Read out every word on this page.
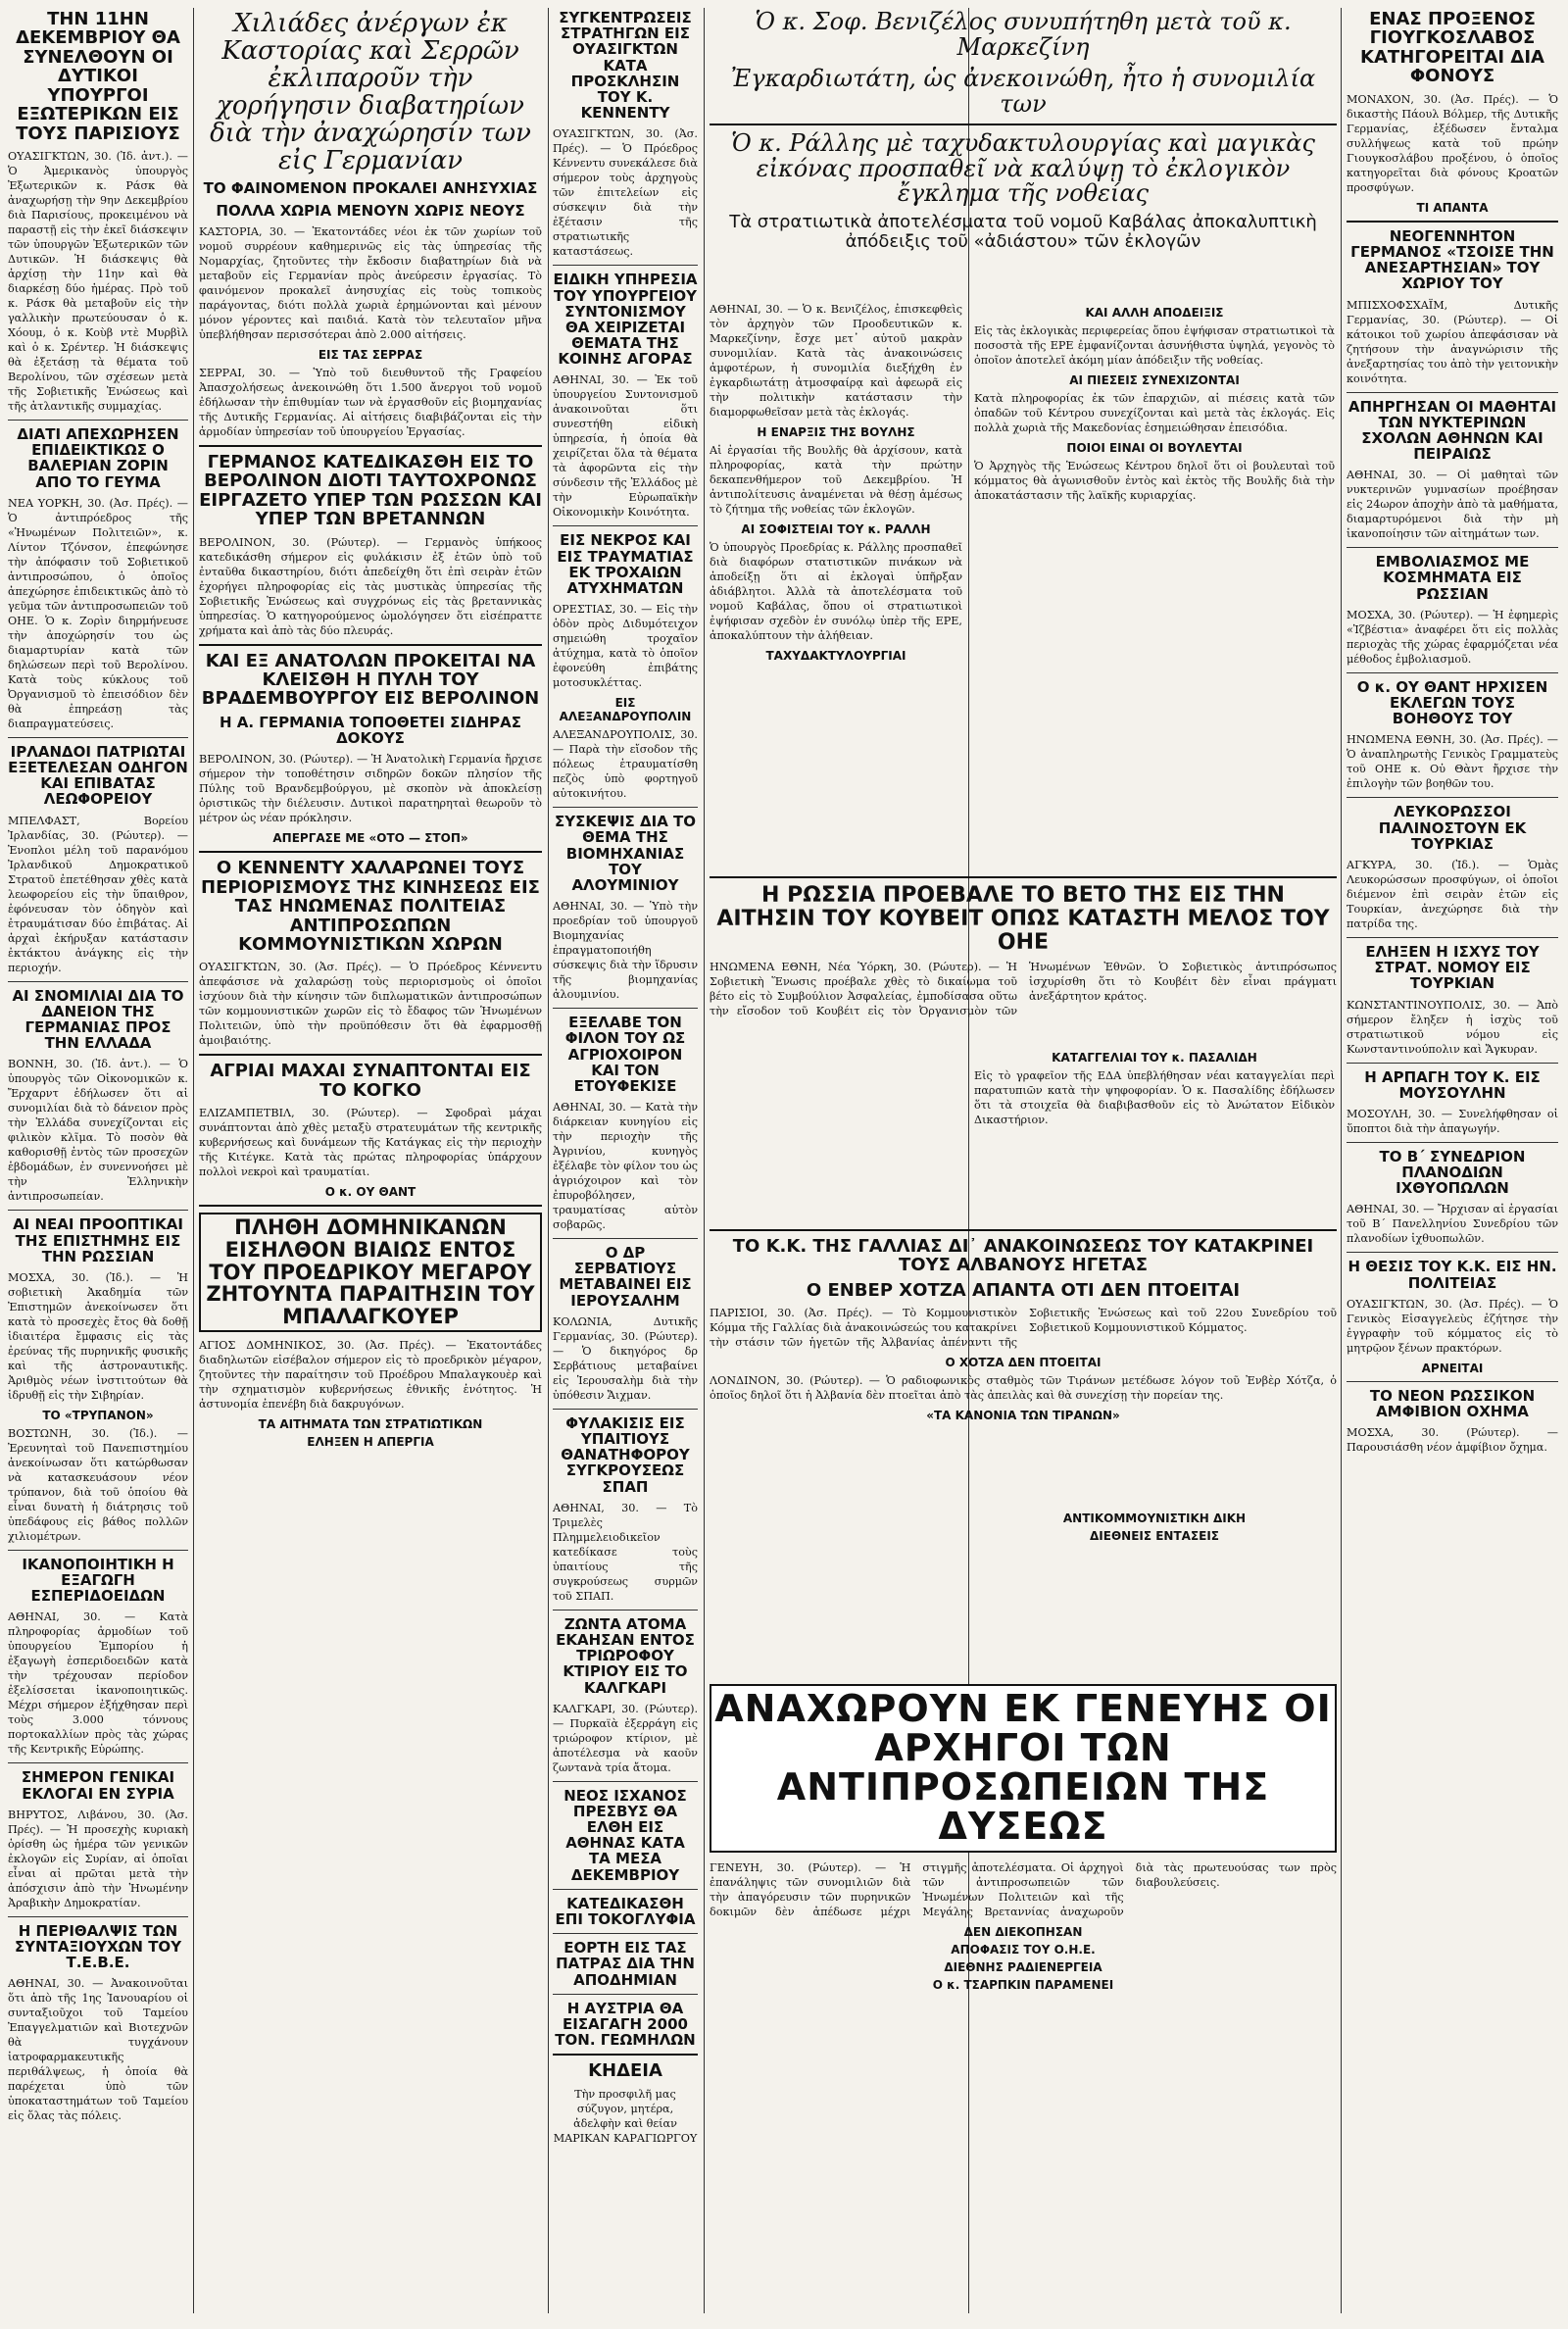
ΤΗΝ 11ΗΝ ΔΕΚΕΜΒΡΙΟΥ ΘΑ ΣΥΝΕΛΘΟΥΝ ΟΙ ΔΥΤΙΚΟΙ ΥΠΟΥΡΓΟΙ ΕΞΩΤΕΡΙΚΩΝ ΕΙΣ ΤΟΥΣ ΠΑΡΙΣΙΟΥΣ

ΟΥΑΣΙΓΚΤΩΝ, 30. (Ἰδ. ἀντ.). — Ὁ Ἀμερικανὸς ὑπουργὸς Ἐξωτερικῶν κ. Ράσκ θὰ ἀναχωρήσῃ τὴν 9ην Δεκεμβρίου διὰ Παρισίους, προκειμένου νὰ παραστῇ εἰς τὴν ἐκεῖ διάσκεψιν τῶν ὑπουργῶν Ἐξωτερικῶν τῶν Δυτικῶν. Ἡ διάσκεψις θὰ ἀρχίσῃ τὴν 11ην καὶ θὰ διαρκέσῃ δύο ἡμέρας. Πρὸ τοῦ κ. Ράσκ θὰ μεταβοῦν εἰς τὴν γαλλικὴν πρωτεύουσαν ὁ κ. Χόουμ, ὁ κ. Κοὺβ ντὲ Μυρβὶλ καὶ ὁ κ. Σρέντερ. Ἡ διάσκεψις θὰ ἐξετάσῃ τὰ θέματα τοῦ Βερολίνου, τῶν σχέσεων μετὰ τῆς Σοβιετικῆς Ἑνώσεως καὶ τῆς ἀτλαντικῆς συμμαχίας.

ΔΙΑΤΙ ΑΠΕΧΩΡΗΣΕΝ ΕΠΙΔΕΙΚΤΙΚΩΣ Ο ΒΑΛΕΡΙΑΝ ΖΟΡΙΝ ΑΠΟ ΤΟ ΓΕΥΜΑ

ΝΕΑ ΥΟΡΚΗ, 30. (Ἀσ. Πρές). — Ὁ ἀντιπρόεδρος τῆς «Ἡνωμένων Πολιτειῶν», κ. Λίντον Τζόνσον, ἐπεφώνησε τὴν ἀπόφασιν τοῦ Σοβιετικοῦ ἀντιπροσώπου, ὁ ὁποῖος ἀπεχώρησε ἐπιδεικτικῶς ἀπὸ τὸ γεῦμα τῶν ἀντιπροσωπειῶν τοῦ ΟΗΕ. Ὁ κ. Ζορὶν διηρμήνευσε τὴν ἀποχώρησίν του ὡς διαμαρτυρίαν κατὰ τῶν δηλώσεων περὶ τοῦ Βερολίνου. Κατὰ τοὺς κύκλους τοῦ Ὀργανισμοῦ τὸ ἐπεισόδιον δὲν θὰ ἐπηρεάσῃ τὰς διαπραγματεύσεις.

ΙΡΛΑΝΔΟΙ ΠΑΤΡΙΩΤΑΙ ΕΞΕΤΕΛΕΣΑΝ ΟΔΗΓΟΝ ΚΑΙ ΕΠΙΒΑΤΑΣ ΛΕΩΦΟΡΕΙΟΥ

ΜΠΕΛΦΑΣΤ, Βορείου Ἰρλανδίας, 30. (Ρώυτερ). — Ἐνοπλοι μέλη τοῦ παρανόμου Ἰρλανδικοῦ Δημοκρατικοῦ Στρατοῦ ἐπετέθησαν χθὲς κατὰ λεωφορείου εἰς τὴν ὕπαιθρον, ἐφόνευσαν τὸν ὁδηγὸν καὶ ἐτραυμάτισαν δύο ἐπιβάτας. Αἱ ἀρχαὶ ἐκήρυξαν κατάστασιν ἐκτάκτου ἀνάγκης εἰς τὴν περιοχήν.

ΑΙ ΣΝΟΜΙΛΙΑΙ ΔΙΑ ΤΟ ΔΑΝΕΙΟΝ ΤΗΣ ΓΕΡΜΑΝΙΑΣ ΠΡΟΣ ΤΗΝ ΕΛΛΑΔΑ

ΒΟΝΝΗ, 30. (Ἰδ. ἀντ.). — Ὁ ὑπουργὸς τῶν Οἰκονομικῶν κ. Ἔρχαρντ ἐδήλωσεν ὅτι αἱ συνομιλίαι διὰ τὸ δάνειον πρὸς τὴν Ἑλλάδα συνεχίζονται εἰς φιλικὸν κλῖμα. Τὸ ποσὸν θὰ καθορισθῇ ἐντὸς τῶν προσεχῶν ἑβδομάδων, ἐν συνεννοήσει μὲ τὴν Ἑλληνικὴν ἀντιπροσωπείαν.

ΑΙ ΝΕΑΙ ΠΡΟΟΠΤΙΚΑΙ ΤΗΣ ΕΠΙΣΤΗΜΗΣ ΕΙΣ ΤΗΝ ΡΩΣΣΙΑΝ

ΜΟΣΧΑ, 30. (Ἰδ.). — Ἡ σοβιετικὴ Ἀκαδημία τῶν Ἐπιστημῶν ἀνεκοίνωσεν ὅτι κατὰ τὸ προσεχὲς ἔτος θὰ δοθῇ ἰδιαιτέρα ἔμφασις εἰς τὰς ἐρεύνας τῆς πυρηνικῆς φυσικῆς καὶ τῆς ἀστροναυτικῆς. Ἀριθμὸς νέων ἰνστιτούτων θὰ ἱδρυθῇ εἰς τὴν Σιβηρίαν.

ΤΟ «ΤΡΥΠΑΝΟΝ»

ΒΟΣΤΩΝΗ, 30. (Ἰδ.). — Ἐρευνηταὶ τοῦ Πανεπιστημίου ἀνεκοίνωσαν ὅτι κατώρθωσαν νὰ κατασκευάσουν νέον τρύπανον, διὰ τοῦ ὁποίου θὰ εἶναι δυνατὴ ἡ διάτρησις τοῦ ὑπεδάφους εἰς βάθος πολλῶν χιλιομέτρων.

ΙΚΑΝΟΠΟΙΗΤΙΚΗ Η ΕΞΑΓΩΓΗ ΕΣΠΕΡΙΔΟΕΙΔΩΝ

ΑΘΗΝΑΙ, 30. — Κατὰ πληροφορίας ἀρμοδίων τοῦ ὑπουργείου Ἐμπορίου ἡ ἐξαγωγὴ ἐσπεριδοειδῶν κατὰ τὴν τρέχουσαν περίοδον ἐξελίσσεται ἱκανοποιητικῶς. Μέχρι σήμερον ἐξήχθησαν περὶ τοὺς 3.000 τόννους πορτοκαλλίων πρὸς τὰς χώρας τῆς Κεντρικῆς Εὐρώπης.

ΣΗΜΕΡΟΝ ΓΕΝΙΚΑΙ ΕΚΛΟΓΑΙ ΕΝ ΣΥΡΙΑ

ΒΗΡΥΤΟΣ, Λιβάνου, 30. (Ἀσ. Πρές). — Ἡ προσεχὴς κυριακὴ ὁρίσθη ὡς ἡμέρα τῶν γενικῶν ἐκλογῶν εἰς Συρίαν, αἱ ὁποῖαι εἶναι αἱ πρῶται μετὰ τὴν ἀπόσχισιν ἀπὸ τὴν Ἡνωμένην Ἀραβικὴν Δημοκρατίαν.

Η ΠΕΡΙΘΑΛΨΙΣ ΤΩΝ ΣΥΝΤΑΞΙΟΥΧΩΝ ΤΟΥ Τ.Ε.Β.Ε.

ΑΘΗΝΑΙ, 30. — Ἀνακοινοῦται ὅτι ἀπὸ τῆς 1ης Ἰανουαρίου οἱ συνταξιοῦχοι τοῦ Ταμείου Ἐπαγγελματιῶν καὶ Βιοτεχνῶν θὰ τυγχάνουν ἰατροφαρμακευτικῆς περιθάλψεως, ἡ ὁποία θὰ παρέχεται ὑπὸ τῶν ὑποκαταστημάτων τοῦ Ταμείου εἰς ὅλας τὰς πόλεις.

Χιλιάδες ἀνέργων ἐκ Καστορίας καὶ Σερρῶν ἐκλιπαροῦν τὴν χορήγησιν διαβατηρίων διὰ τὴν ἀναχώρησίν των εἰς Γερμανίαν
ΤΟ ΦΑΙΝΟΜΕΝΟΝ ΠΡΟΚΑΛΕΙ ΑΝΗΣΥΧΙΑΣ
ΠΟΛΛΑ ΧΩΡΙΑ ΜΕΝΟΥΝ ΧΩΡΙΣ ΝΕΟΥΣ

ΚΑΣΤΟΡΙΑ, 30. — Ἐκατοντάδες νέοι ἐκ τῶν χωρίων τοῦ νομοῦ συρρέουν καθημερινῶς εἰς τὰς ὑπηρεσίας τῆς Νομαρχίας, ζητοῦντες τὴν ἔκδοσιν διαβατηρίων διὰ νὰ μεταβοῦν εἰς Γερμανίαν πρὸς ἀνεύρεσιν ἐργασίας. Τὸ φαινόμενον προκαλεῖ ἀνησυχίας εἰς τοὺς τοπικοὺς παράγοντας, διότι πολλὰ χωριὰ ἐρημώνονται καὶ μένουν μόνον γέροντες καὶ παιδιά. Κατὰ τὸν τελευταῖον μῆνα ὑπεβλήθησαν περισσότεραι ἀπὸ 2.000 αἰτήσεις.

ΕΙΣ ΤΑΣ ΣΕΡΡΑΣ

ΣΕΡΡΑΙ, 30. — Ὑπὸ τοῦ διευθυντοῦ τῆς Γραφείου Ἀπασχολήσεως ἀνεκοινώθη ὅτι 1.500 ἄνεργοι τοῦ νομοῦ ἐδήλωσαν τὴν ἐπιθυμίαν των νὰ ἐργασθοῦν εἰς βιομηχανίας τῆς Δυτικῆς Γερμανίας. Αἱ αἰτήσεις διαβιβάζονται εἰς τὴν ἁρμοδίαν ὑπηρεσίαν τοῦ ὑπουργείου Ἐργασίας.

ΓΕΡΜΑΝΟΣ ΚΑΤΕΔΙΚΑΣΘΗ ΕΙΣ ΤΟ ΒΕΡΟΛΙΝΟΝ ΔΙΟΤΙ ΤΑΥΤΟΧΡΟΝΩΣ ΕΙΡΓΑΖΕΤΟ ΥΠΕΡ ΤΩΝ ΡΩΣΣΩΝ ΚΑΙ ΥΠΕΡ ΤΩΝ ΒΡΕΤΑΝΝΩΝ

ΒΕΡΟΛΙΝΟΝ, 30. (Ρώυτερ). — Γερμανὸς ὑπήκοος κατεδικάσθη σήμερον εἰς φυλάκισιν ἐξ ἐτῶν ὑπὸ τοῦ ἐνταῦθα δικαστηρίου, διότι ἀπεδείχθη ὅτι ἐπὶ σειρὰν ἐτῶν ἐχορήγει πληροφορίας εἰς τὰς μυστικὰς ὑπηρεσίας τῆς Σοβιετικῆς Ἑνώσεως καὶ συγχρόνως εἰς τὰς βρεταννικὰς ὑπηρεσίας. Ὁ κατηγορούμενος ὡμολόγησεν ὅτι εἰσέπραττε χρήματα καὶ ἀπὸ τὰς δύο πλευράς.

ΚΑΙ ΕΞ ΑΝΑΤΟΛΩΝ ΠΡΟΚΕΙΤΑΙ ΝΑ ΚΛΕΙΣΘΗ Η ΠΥΛΗ ΤΟΥ ΒΡΑΔΕΜΒΟΥΡΓΟΥ ΕΙΣ ΒΕΡΟΛΙΝΟΝ
Η Α. ΓΕΡΜΑΝΙΑ ΤΟΠΟΘΕΤΕΙ ΣΙΔΗΡΑΣ ΔΟΚΟΥΣ

ΒΕΡΟΛΙΝΟΝ, 30. (Ρώυτερ). — Ἡ Ἀνατολικὴ Γερμανία ἤρχισε σήμερον τὴν τοποθέτησιν σιδηρῶν δοκῶν πλησίον τῆς Πύλης τοῦ Βρανδεμβούργου, μὲ σκοπὸν νὰ ἀποκλείσῃ ὁριστικῶς τὴν διέλευσιν. Δυτικοὶ παρατηρηταὶ θεωροῦν τὸ μέτρον ὡς νέαν πρόκλησιν.

ΑΠΕΡΓΑΣΕ ΜΕ «ΟΤΟ — ΣΤΟΠ»
Ο ΚΕΝΝΕΝΤΥ ΧΑΛΑΡΩΝΕΙ ΤΟΥΣ ΠΕΡΙΟΡΙΣΜΟΥΣ ΤΗΣ ΚΙΝΗΣΕΩΣ ΕΙΣ ΤΑΣ ΗΝΩΜΕΝΑΣ ΠΟΛΙΤΕΙΑΣ ΑΝΤΙΠΡΟΣΩΠΩΝ ΚΟΜΜΟΥΝΙΣΤΙΚΩΝ ΧΩΡΩΝ

ΟΥΑΣΙΓΚΤΩΝ, 30. (Ἀσ. Πρές). — Ὁ Πρόεδρος Κέννεντυ ἀπεφάσισε νὰ χαλαρώσῃ τοὺς περιορισμοὺς οἱ ὁποῖοι ἰσχύουν διὰ τὴν κίνησιν τῶν διπλωματικῶν ἀντιπροσώπων τῶν κομμουνιστικῶν χωρῶν εἰς τὸ ἔδαφος τῶν Ἡνωμένων Πολιτειῶν, ὑπὸ τὴν προϋπόθεσιν ὅτι θὰ ἐφαρμοσθῇ ἀμοιβαιότης.

ΑΓΡΙΑΙ ΜΑΧΑΙ ΣΥΝΑΠΤΟΝΤΑΙ ΕΙΣ ΤΟ ΚΟΓΚΟ

ΕΛΙΖΑΜΠΕΤΒΙΛ, 30. (Ρώυτερ). — Σφοδραὶ μάχαι συνάπτονται ἀπὸ χθὲς μεταξὺ στρατευμάτων τῆς κεντρικῆς κυβερνήσεως καὶ δυνάμεων τῆς Κατάγκας εἰς τὴν περιοχὴν τῆς Κιτέγκε. Κατὰ τὰς πρώτας πληροφορίας ὑπάρχουν πολλοὶ νεκροὶ καὶ τραυματίαι.

Ο κ. ΟΥ ΘΑΝΤ
ΠΛΗΘΗ ΔΟΜΗΝΙΚΑΝΩΝ ΕΙΣΗΛΘΟΝ ΒΙΑΙΩΣ ΕΝΤΟΣ ΤΟΥ ΠΡΟΕΔΡΙΚΟΥ ΜΕΓΑΡΟΥ ΖΗΤΟΥΝΤΑ ΠΑΡΑΙΤΗΣΙΝ ΤΟΥ ΜΠΑΛΑΓΚΟΥΕΡ

ΑΓΙΟΣ ΔΟΜΗΝΙΚΟΣ, 30. (Ἀσ. Πρές). — Ἐκατοντάδες διαδηλωτῶν εἰσέβαλον σήμερον εἰς τὸ προεδρικὸν μέγαρον, ζητοῦντες τὴν παραίτησιν τοῦ Προέδρου Μπαλαγκουὲρ καὶ τὴν σχηματισμὸν κυβερνήσεως ἐθνικῆς ἑνότητος. Ἡ ἀστυνομία ἐπενέβη διὰ δακρυγόνων.

ΤΑ ΑΙΤΗΜΑΤΑ ΤΩΝ ΣΤΡΑΤΙΩΤΙΚΩΝ
ΕΛΗΞΕΝ Η ΑΠΕΡΓΙΑ
ΣΥΓΚΕΝΤΡΩΣΕΙΣ ΣΤΡΑΤΗΓΩΝ ΕΙΣ ΟΥΑΣΙΓΚΤΩΝ ΚΑΤΑ ΠΡΟΣΚΛΗΣΙΝ ΤΟΥ Κ. ΚΕΝΝΕΝΤΥ

ΟΥΑΣΙΓΚΤΩΝ, 30. (Ἀσ. Πρές). — Ὁ Πρόεδρος Κέννεντυ συνεκάλεσε διὰ σήμερον τοὺς ἀρχηγοὺς τῶν ἐπιτελείων εἰς σύσκεψιν διὰ τὴν ἐξέτασιν τῆς στρατιωτικῆς καταστάσεως.

ΕΙΔΙΚΗ ΥΠΗΡΕΣΙΑ ΤΟΥ ΥΠΟΥΡΓΕΙΟΥ ΣΥΝΤΟΝΙΣΜΟΥ ΘΑ ΧΕΙΡΙΖΕΤΑΙ ΘΕΜΑΤΑ ΤΗΣ ΚΟΙΝΗΣ ΑΓΟΡΑΣ

ΑΘΗΝΑΙ, 30. — Ἐκ τοῦ ὑπουργείου Συντονισμοῦ ἀνακοινοῦται ὅτι συνεστήθη εἰδικὴ ὑπηρεσία, ἡ ὁποία θὰ χειρίζεται ὅλα τὰ θέματα τὰ ἀφορῶντα εἰς τὴν σύνδεσιν τῆς Ἑλλάδος μὲ τὴν Εὐρωπαϊκὴν Οἰκονομικὴν Κοινότητα.

ΕΙΣ ΝΕΚΡΟΣ ΚΑΙ ΕΙΣ ΤΡΑΥΜΑΤΙΑΣ ΕΚ ΤΡΟΧΑΙΩΝ ΑΤΥΧΗΜΑΤΩΝ

ΟΡΕΣΤΙΑΣ, 30. — Εἰς τὴν ὁδὸν πρὸς Διδυμότειχον σημειώθη τροχαῖον ἀτύχημα, κατὰ τὸ ὁποῖον ἐφονεύθη ἐπιβάτης μοτοσυκλέττας.

ΕΙΣ ΑΛΕΞΑΝΔΡΟΥΠΟΛΙΝ

ΑΛΕΞΑΝΔΡΟΥΠΟΛΙΣ, 30. — Παρὰ τὴν εἴσοδον τῆς πόλεως ἐτραυματίσθη πεζὸς ὑπὸ φορτηγοῦ αὐτοκινήτου.

ΣΥΣΚΕΨΙΣ ΔΙΑ ΤΟ ΘΕΜΑ ΤΗΣ ΒΙΟΜΗΧΑΝΙΑΣ ΤΟΥ ΑΛΟΥΜΙΝΙΟΥ

ΑΘΗΝΑΙ, 30. — Ὑπὸ τὴν προεδρίαν τοῦ ὑπουργοῦ Βιομηχανίας ἐπραγματοποιήθη σύσκεψις διὰ τὴν ἵδρυσιν τῆς βιομηχανίας ἀλουμινίου.

ΕΞΕΛΑΒΕ ΤΟΝ ΦΙΛΟΝ ΤΟΥ ΩΣ ΑΓΡΙΟΧΟΙΡΟΝ ΚΑΙ ΤΟΝ ΕΤΟΥΦΕΚΙΣΕ

ΑΘΗΝΑΙ, 30. — Κατὰ τὴν διάρκειαν κυνηγίου εἰς τὴν περιοχὴν τῆς Ἀγρινίου, κυνηγὸς ἐξέλαβε τὸν φίλον του ὡς ἀγριόχοιρον καὶ τὸν ἐπυροβόλησεν, τραυματίσας αὐτὸν σοβαρῶς.

Ο ΔΡ ΣΕΡΒΑΤΙΟΥΣ ΜΕΤΑΒΑΙΝΕΙ ΕΙΣ ΙΕΡΟΥΣΑΛΗΜ

ΚΟΛΩΝΙΑ, Δυτικῆς Γερμανίας, 30. (Ρώυτερ). — Ὁ δικηγόρος δρ Σερβάτιους μεταβαίνει εἰς Ἱερουσαλὴμ διὰ τὴν ὑπόθεσιν Ἄιχμαν.

ΦΥΛΑΚΙΣΙΣ ΕΙΣ ΥΠΑΙΤΙΟΥΣ ΘΑΝΑΤΗΦΟΡΟΥ ΣΥΓΚΡΟΥΣΕΩΣ ΣΠΑΠ

ΑΘΗΝΑΙ, 30. — Τὸ Τριμελὲς Πλημμελειοδικεῖον κατεδίκασε τοὺς ὑπαιτίους τῆς συγκρούσεως συρμῶν τοῦ ΣΠΑΠ.

ΖΩΝΤΑ ΑΤΟΜΑ ΕΚΑΗΣΑΝ ΕΝΤΟΣ ΤΡΙΩΡΟΦΟΥ ΚΤΙΡΙΟΥ ΕΙΣ ΤΟ ΚΑΛΓΚΑΡΙ

ΚΑΛΓΚΑΡΙ, 30. (Ρώυτερ). — Πυρκαϊὰ ἐξερράγη εἰς τριώροφον κτίριον, μὲ ἀποτέλεσμα νὰ καοῦν ζωντανὰ τρία ἄτομα.

ΝΕΟΣ ΙΣΧΑΝΟΣ ΠΡΕΣΒΥΣ ΘΑ ΕΛΘΗ ΕΙΣ ΑΘΗΝΑΣ ΚΑΤΑ ΤΑ ΜΕΣΑ ΔΕΚΕΜΒΡΙΟΥ
ΚΑΤΕΔΙΚΑΣΘΗ ΕΠΙ ΤΟΚΟΓΛΥΦΙΑ
ΕΟΡΤΗ ΕΙΣ ΤΑΣ ΠΑΤΡΑΣ ΔΙΑ ΤΗΝ ΑΠΟΔΗΜΙΑΝ
Η ΑΥΣΤΡΙΑ ΘΑ ΕΙΣΑΓΑΓΗ 2000 ΤΟΝ. ΓΕΩΜΗΛΩΝ
ΚΗΔΕΙΑ

Τὴν προσφιλῆ μας σύζυγον, μητέρα, ἀδελφὴν καὶ θείαν ΜΑΡΙΚΑΝ ΚΑΡΑΓΙΩΡΓΟΥ

Ὁ κ. Σοφ. Βενιζέλος συνυπήτηθη μετὰ τοῦ κ. Μαρκεζίνη
Ἐγκαρδιωτάτη, ὡς ἀνεκοινώθη, ἦτο ἡ συνομιλία των
Ὁ κ. Ράλλης μὲ ταχυδακτυλουργίας καὶ μαγικὰς εἰκόνας προσπαθεῖ νὰ καλύψῃ τὸ ἐκλογικὸν ἔγκλημα τῆς νοθείας
Τὰ στρατιωτικὰ ἀποτελέσματα τοῦ νομοῦ Καβάλας ἀποκαλυπτικὴ ἀπόδειξις τοῦ «ἀδιάστου» τῶν ἐκλογῶν

ΑΘΗΝΑΙ, 30. — Ὁ κ. Βενιζέλος, ἐπισκεφθεὶς τὸν ἀρχηγὸν τῶν Προοδευτικῶν κ. Μαρκεζίνην, ἔσχε μετ᾽ αὐτοῦ μακρὰν συνομιλίαν. Κατὰ τὰς ἀνακοινώσεις ἀμφοτέρων, ἡ συνομιλία διεξήχθη ἐν ἐγκαρδιωτάτῃ ἀτμοσφαίρᾳ καὶ ἀφεωρᾶ εἰς τὴν πολιτικὴν κατάστασιν τὴν διαμορφωθεῖσαν μετὰ τὰς ἐκλογάς.

Η ΕΝΑΡΞΙΣ ΤΗΣ ΒΟΥΛΗΣ

Αἱ ἐργασίαι τῆς Βουλῆς θὰ ἀρχίσουν, κατὰ πληροφορίας, κατὰ τὴν πρώτην δεκαπενθήμερον τοῦ Δεκεμβρίου. Ἡ ἀντιπολίτευσις ἀναμένεται νὰ θέσῃ ἀμέσως τὸ ζήτημα τῆς νοθείας τῶν ἐκλογῶν.

ΑΙ ΣΟΦΙΣΤΕΙΑΙ ΤΟΥ κ. ΡΑΛΛΗ

Ὁ ὑπουργὸς Προεδρίας κ. Ράλλης προσπαθεῖ διὰ διαφόρων στατιστικῶν πινάκων νὰ ἀποδείξῃ ὅτι αἱ ἐκλογαὶ ὑπῆρξαν ἀδιάβλητοι. Ἀλλὰ τὰ ἀποτελέσματα τοῦ νομοῦ Καβάλας, ὅπου οἱ στρατιωτικοὶ ἐψήφισαν σχεδὸν ἐν συνόλῳ ὑπὲρ τῆς ΕΡΕ, ἀποκαλύπτουν τὴν ἀλήθειαν.

ΤΑΧΥΔΑΚΤΥΛΟΥΡΓΙΑΙ
Η ΡΩΣΣΙΑ ΠΡΟΕΒΑΛΕ ΤΟ ΒΕΤΟ ΤΗΣ ΕΙΣ ΤΗΝ ΑΙΤΗΣΙΝ ΤΟΥ ΚΟΥΒΕΙΤ ΟΠΩΣ ΚΑΤΑΣΤΗ ΜΕΛΟΣ ΤΟΥ ΟΗΕ

ΗΝΩΜΕΝΑ ΕΘΝΗ, Νέα Ὑόρκη, 30. (Ρώυτερ). — Ἡ Σοβιετικὴ Ἕνωσις προέβαλε χθὲς τὸ δικαίωμα τοῦ βέτο εἰς τὸ Συμβούλιον Ἀσφαλείας, ἐμποδίσασα οὕτω τὴν εἴσοδον τοῦ Κουβέιτ εἰς τὸν Ὀργανισμὸν τῶν Ἡνωμένων Ἐθνῶν. Ὁ Σοβιετικὸς ἀντιπρόσωπος ἰσχυρίσθη ὅτι τὸ Κουβέιτ δὲν εἶναι πράγματι ἀνεξάρτητον κράτος.

ΤΟ Κ.Κ. ΤΗΣ ΓΑΛΛΙΑΣ ΔΙ᾽ ΑΝΑΚΟΙΝΩΣΕΩΣ ΤΟΥ ΚΑΤΑΚΡΙΝΕΙ ΤΟΥΣ ΑΛΒΑΝΟΥΣ ΗΓΕΤΑΣ
Ο ΕΝΒΕΡ ΧΟΤΖΑ ΑΠΑΝΤΑ ΟΤΙ ΔΕΝ ΠΤΟΕΙΤΑΙ

ΠΑΡΙΣΙΟΙ, 30. (Ἀσ. Πρές). — Τὸ Κομμουνιστικὸν Κόμμα τῆς Γαλλίας διὰ ἀνακοινώσεώς του κατακρίνει τὴν στάσιν τῶν ἡγετῶν τῆς Ἀλβανίας ἀπέναντι τῆς Σοβιετικῆς Ἑνώσεως καὶ τοῦ 22ου Συνεδρίου τοῦ Σοβιετικοῦ Κομμουνιστικοῦ Κόμματος.

Ο ΧΟΤΖΑ ΔΕΝ ΠΤΟΕΙΤΑΙ

ΛΟΝΔΙΝΟΝ, 30. (Ρώυτερ). — Ὁ ραδιοφωνικὸς σταθμὸς τῶν Τιράνων μετέδωσε λόγον τοῦ Ἐνβὲρ Χότζα, ὁ ὁποῖος δηλοῖ ὅτι ἡ Ἀλβανία δὲν πτοεῖται ἀπὸ τὰς ἀπειλὰς καὶ θὰ συνεχίσῃ τὴν πορείαν της.

«ΤΑ ΚΑΝΟΝΙΑ ΤΩΝ ΤΙΡΑΝΩΝ»
ΚΑΙ ΑΛΛΗ ΑΠΟΔΕΙΞΙΣ

Εἰς τὰς ἐκλογικὰς περιφερείας ὅπου ἐψήφισαν στρατιωτικοὶ τὰ ποσοστὰ τῆς ΕΡΕ ἐμφανίζονται ἀσυνήθιστα ὑψηλά, γεγονὸς τὸ ὁποῖον ἀποτελεῖ ἀκόμη μίαν ἀπόδειξιν τῆς νοθείας.

ΑΙ ΠΙΕΣΕΙΣ ΣΥΝΕΧΙΖΟΝΤΑΙ

Κατὰ πληροφορίας ἐκ τῶν ἐπαρχιῶν, αἱ πιέσεις κατὰ τῶν ὀπαδῶν τοῦ Κέντρου συνεχίζονται καὶ μετὰ τὰς ἐκλογάς. Εἰς πολλὰ χωριὰ τῆς Μακεδονίας ἐσημειώθησαν ἐπεισόδια.

ΠΟΙΟΙ ΕΙΝΑΙ ΟΙ ΒΟΥΛΕΥΤΑΙ

Ὁ Ἀρχηγὸς τῆς Ἑνώσεως Κέντρου δηλοῖ ὅτι οἱ βουλευταὶ τοῦ κόμματος θὰ ἀγωνισθοῦν ἐντὸς καὶ ἐκτὸς τῆς Βουλῆς διὰ τὴν ἀποκατάστασιν τῆς λαϊκῆς κυριαρχίας.

ΚΑΤΑΓΓΕΛΙΑΙ ΤΟΥ κ. ΠΑΣΑΛΙΔΗ

Εἰς τὸ γραφεῖον τῆς ΕΔΑ ὑπεβλήθησαν νέαι καταγγελίαι περὶ παρατυπιῶν κατὰ τὴν ψηφοφορίαν. Ὁ κ. Πασαλίδης ἐδήλωσεν ὅτι τὰ στοιχεῖα θὰ διαβιβασθοῦν εἰς τὸ Ἀνώτατον Εἰδικὸν Δικαστήριον.

ΑΝΤΙΚΟΜΜΟΥΝΙΣΤΙΚΗ ΔΙΚΗ
ΔΙΕΘΝΕΙΣ ΕΝΤΑΣΕΙΣ
ΑΝΑΧΩΡΟΥΝ ΕΚ ΓΕΝΕΥΗΣ ΟΙ ΑΡΧΗΓΟΙ ΤΩΝ ΑΝΤΙΠΡΟΣΩΠΕΙΩΝ ΤΗΣ ΔΥΣΕΩΣ

ΓΕΝΕΥΗ, 30. (Ρώυτερ). — Ἡ ἐπανάληψις τῶν συνομιλιῶν διὰ τὴν ἀπαγόρευσιν τῶν πυρηνικῶν δοκιμῶν δὲν ἀπέδωσε μέχρι στιγμῆς ἀποτελέσματα. Οἱ ἀρχηγοὶ τῶν ἀντιπροσωπειῶν τῶν Ἡνωμένων Πολιτειῶν καὶ τῆς Μεγάλης Βρεταννίας ἀναχωροῦν διὰ τὰς πρωτευούσας των πρὸς διαβουλεύσεις.

ΔΕΝ ΔΙΕΚΟΠΗΣΑΝ
ΑΠΟΦΑΣΙΣ ΤΟΥ Ο.Η.Ε.
ΔΙΕΘΝΗΣ ΡΑΔΙΕΝΕΡΓΕΙΑ
Ο κ. ΤΣΑΡΠΚΙΝ ΠΑΡΑΜΕΝΕΙ
ΕΝΑΣ ΠΡΟΞΕΝΟΣ ΓΙΟΥΓΚΟΣΛΑΒΟΣ ΚΑΤΗΓΟΡΕΙΤΑΙ ΔΙΑ ΦΟΝΟΥΣ

ΜΟΝΑΧΟΝ, 30. (Ἀσ. Πρές). — Ὁ δικαστὴς Πάουλ Βόλμερ, τῆς Δυτικῆς Γερμανίας, ἐξέδωσεν ἔνταλμα συλλήψεως κατὰ τοῦ πρώην Γιουγκοσλάβου προξένου, ὁ ὁποῖος κατηγορεῖται διὰ φόνους Κροατῶν προσφύγων.

ΤΙ ΑΠΑΝΤΑ
ΝΕΟΓΕΝΝΗΤΟΝ ΓΕΡΜΑΝΟΣ «ΤΣΟΙΣΕ ΤΗΝ ΑΝΕΣΑΡΤΗΣΙΑΝ» ΤΟΥ ΧΩΡΙΟΥ ΤΟΥ

ΜΠΙΣΧΟΦΣΧΑΪΜ, Δυτικῆς Γερμανίας, 30. (Ρώυτερ). — Οἱ κάτοικοι τοῦ χωρίου ἀπεφάσισαν νὰ ζητήσουν τὴν ἀναγνώρισιν τῆς ἀνεξαρτησίας του ἀπὸ τὴν γειτονικὴν κοινότητα.

ΑΠΗΡΓΗΣΑΝ ΟΙ ΜΑΘΗΤΑΙ ΤΩΝ ΝΥΚΤΕΡΙΝΩΝ ΣΧΟΛΩΝ ΑΘΗΝΩΝ ΚΑΙ ΠΕΙΡΑΙΩΣ

ΑΘΗΝΑΙ, 30. — Οἱ μαθηταὶ τῶν νυκτερινῶν γυμνασίων προέβησαν εἰς 24ωρον ἀποχὴν ἀπὸ τὰ μαθήματα, διαμαρτυρόμενοι διὰ τὴν μὴ ἱκανοποίησιν τῶν αἰτημάτων των.

ΕΜΒΟΛΙΑΣΜΟΣ ΜΕ ΚΟΣΜΗΜΑΤΑ ΕΙΣ ΡΩΣΣΙΑΝ

ΜΟΣΧΑ, 30. (Ρώυτερ). — Ἡ ἐφημερὶς «Ἰζβέστια» ἀναφέρει ὅτι εἰς πολλὰς περιοχὰς τῆς χώρας ἐφαρμόζεται νέα μέθοδος ἐμβολιασμοῦ.

Ο κ. ΟΥ ΘΑΝΤ ΗΡΧΙΣΕΝ ΕΚΛΕΓΩΝ ΤΟΥΣ ΒΟΗΘΟΥΣ ΤΟΥ

ΗΝΩΜΕΝΑ ΕΘΝΗ, 30. (Ἀσ. Πρές). — Ὁ ἀναπληρωτὴς Γενικὸς Γραμματεὺς τοῦ ΟΗΕ κ. Οὐ Θὰντ ἤρχισε τὴν ἐπιλογὴν τῶν βοηθῶν του.

ΛΕΥΚΟΡΩΣΣΟΙ ΠΑΛΙΝΟΣΤΟΥΝ ΕΚ ΤΟΥΡΚΙΑΣ

ΑΓΚΥΡΑ, 30. (Ἰδ.). — Ὁμὰς Λευκορώσσων προσφύγων, οἱ ὁποῖοι διέμενον ἐπὶ σειρὰν ἐτῶν εἰς Τουρκίαν, ἀνεχώρησε διὰ τὴν πατρίδα της.

ΕΛΗΞΕΝ Η ΙΣΧΥΣ ΤΟΥ ΣΤΡΑΤ. ΝΟΜΟΥ ΕΙΣ ΤΟΥΡΚΙΑΝ

ΚΩΝΣΤΑΝΤΙΝΟΥΠΟΛΙΣ, 30. — Ἀπὸ σήμερον ἔληξεν ἡ ἰσχὺς τοῦ στρατιωτικοῦ νόμου εἰς Κωνσταντινούπολιν καὶ Ἄγκυραν.

Η ΑΡΠΑΓΗ ΤΟΥ Κ. ΕΙΣ ΜΟΥΣΟΥΛΗΝ

ΜΟΣΟΥΛΗ, 30. — Συνελήφθησαν οἱ ὕποπτοι διὰ τὴν ἀπαγωγήν.

ΤΟ Β΄ ΣΥΝΕΔΡΙΟΝ ΠΛΑΝΟΔΙΩΝ ΙΧΘΥΟΠΩΛΩΝ

ΑΘΗΝΑΙ, 30. — Ἤρχισαν αἱ ἐργασίαι τοῦ Β΄ Πανελληνίου Συνεδρίου τῶν πλανοδίων ἰχθυοπωλῶν.

Η ΘΕΣΙΣ ΤΟΥ Κ.Κ. ΕΙΣ ΗΝ. ΠΟΛΙΤΕΙΑΣ

ΟΥΑΣΙΓΚΤΩΝ, 30. (Ἀσ. Πρές). — Ὁ Γενικὸς Εἰσαγγελεὺς ἐζήτησε τὴν ἐγγραφὴν τοῦ κόμματος εἰς τὸ μητρῷον ξένων πρακτόρων.

ΑΡΝΕΙΤΑΙ
ΤΟ ΝΕΟΝ ΡΩΣΣΙΚΟΝ ΑΜΦΙΒΙΟΝ ΟΧΗΜΑ

ΜΟΣΧΑ, 30. (Ρώυτερ). — Παρουσιάσθη νέον ἀμφίβιον ὄχημα.
